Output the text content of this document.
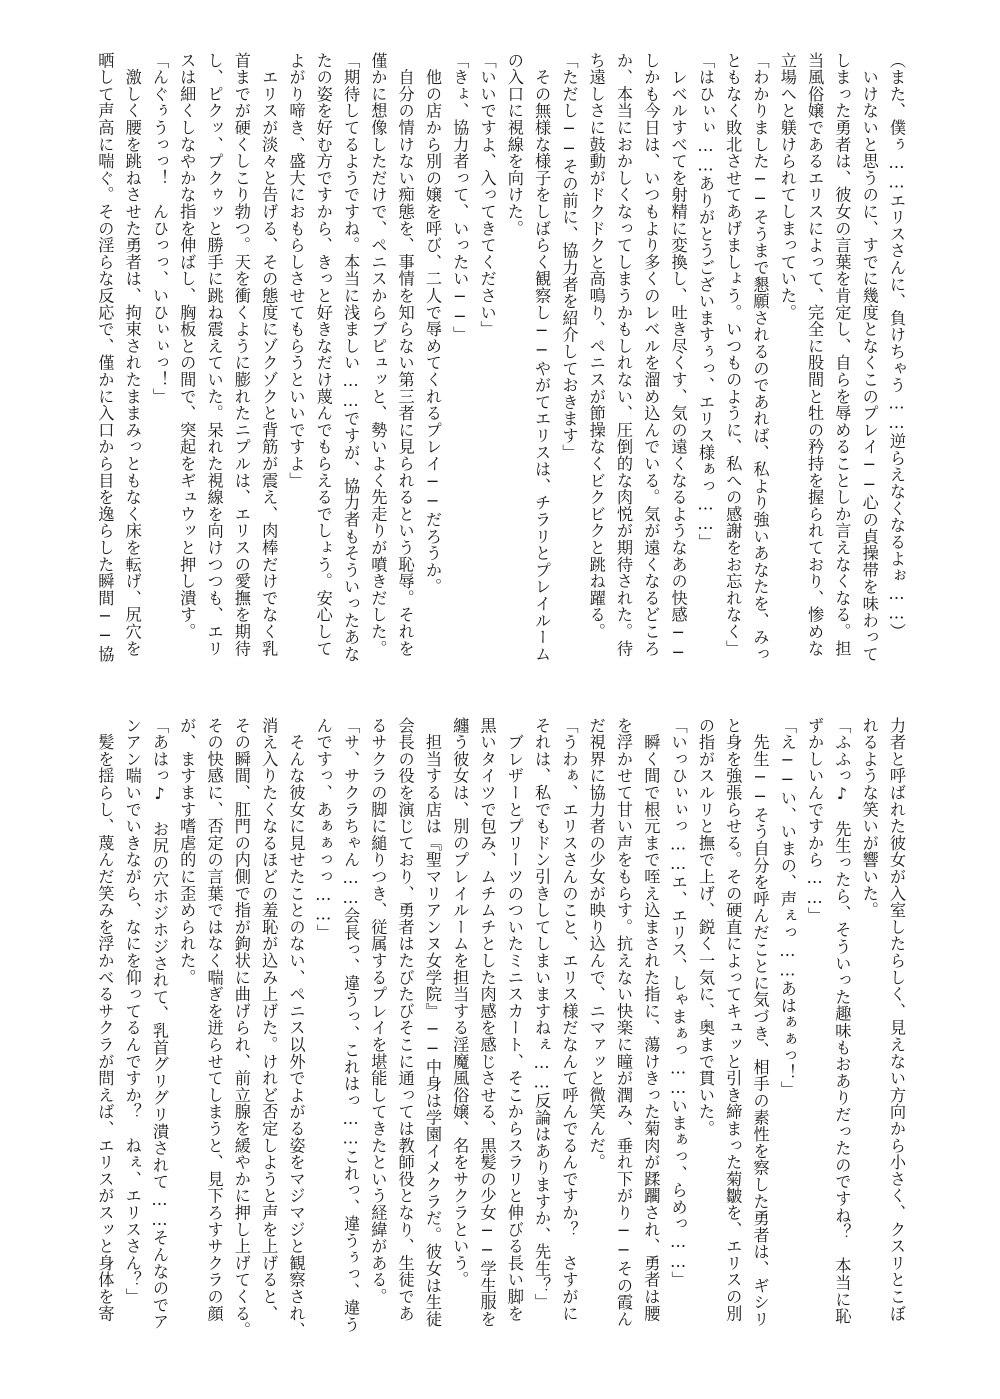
（また、僕ぅ……エリスさんに、負けちゃう……逆らえなくなるよぉ……）
　いけないと思うのに、すでに幾度となくこのプレイ──心の貞操帯を味わって
しまった勇者は、彼女の言葉を肯定し、自らを辱めることしか言えなくなる。担
当風俗嬢であるエリスによって、完全に股間と牡の矜持を握られており、惨めな
立場へと躾けられてしまっていた。
「わかりました──そうまで懇願されるのであれば、私より強いあなたを、みっ
ともなく敗北させてあげましょう。いつものように、私への感謝をお忘れなく」
「はひぃぃ……ありがとうございますぅっ、エリス様ぁっ……」
　レベルすべてを射精に変換し、吐き尽くす、気の遠くなるようなあの快感──
しかも今日は、いつもより多くのレベルを溜め込んでいる。気が遠くなるどころ
か、本当におかしくなってしまうかもしれない、圧倒的な肉悦が期待された。待
ち遠しさに鼓動がドクドクと高鳴り、ペニスが節操なくビクビクと跳ね躍る。
「ただし──その前に、協力者を紹介しておきます」
　その無様な様子をしばらく観察し──やがてエリスは、チラリとプレイルーム
の入口に視線を向けた。
「いいですよ、入ってきてください」
「きょ、協力者って、いったい──」
　他の店から別の嬢を呼び、二人で辱めてくれるプレイ──だろうか。
　自分の情けない痴態を、事情を知らない第三者に見られるという恥辱。それを
僅かに想像しただけで、ペニスからブピュッと、勢いよく先走りが噴きだした。
「期待してるようですね。本当に浅ましい……ですが、協力者もそういったあな
たの姿を好む方ですから、きっと好きなだけ蔑んでもらえるでしょう。安心して
よがり啼き、盛大におもらしさせてもらうといいですよ」
　エリスが淡々と告げる、その態度にゾクゾクと背筋が震え、肉棒だけでなく乳
首までが硬くしこり勃つ。天を衝くように膨れたニプルは、エリスの愛撫を期待
し、ピクッ、プクゥッと勝手に跳ね震えていた。呆れた視線を向けつつも、エリ
スは細くしなやかな指を伸ばし、胸板との間で、突起をギュウッと押し潰す。
「んぐぅうっっ！　んひっっ、いひぃぃっ！」
　激しく腰を跳ねさせた勇者は、拘束されたままみっともなく床を転げ、尻穴を
晒して声高に喘ぐ。その淫らな反応で、僅かに入口から目を逸らした瞬間──協
力者と呼ばれた彼女が入室したらしく、見えない方向から小さく、クスリとこぼ
れるような笑いが響いた。
「ふふっ♪　先生ったら、そういった趣味もおありだったのですね？　本当に恥
ずかしいんですから……」
「え──い、いまの、声ぇっ……あはぁぁっ！」
　先生──そう自分を呼んだことに気づき、相手の素性を察した勇者は、ギシリ
と身を強張らせる。その硬直によってキュッと引き締まった菊皺を、エリスの別
の指がスルリと撫で上げ、鋭く一気に、奥まで貫いた。
「いっひぃぃっ……エ、エリス、しゃまぁっ……いまぁっ、らめっ……」
　瞬く間で根元まで咥え込まされた指に、蕩けきった菊肉が蹂躙され、勇者は腰
を浮かせて甘い声をもらす。抗えない快楽に瞳が潤み、垂れ下がり──その霞ん
だ視界に協力者の少女が映り込んで、ニマァッと微笑んだ。
「うわぁ、エリスさんのこと、エリス様だなんて呼んでるんですか？　さすがに
それは、私でもドン引きしてしまいますねぇ……反論はありますか、先生？」
　ブレザーとプリーツのついたミニスカート、そこからスラリと伸びる長い脚を
黒いタイツで包み、ムチムチとした肉感を感じさせる、黒髪の少女──学生服を
纏う彼女は、別のプレイルームを担当する淫魔風俗嬢、名をサクラという。
　担当する店は『聖マリアンヌ女学院』──中身は学園イメクラだ。彼女は生徒
会長の役を演じており、勇者はたびたびそこに通っては教師役となり、生徒であ
るサクラの脚に縋りつき、従属するプレイを堪能してきたという経緯がある。
「サ、サクラちゃん……会長っ、違うっ、これはっ……これっ、違うぅっ、違う
んですっ、あぁぁっっ……」
　そんな彼女に見せたことのない、ペニス以外でよがる姿をマジマジと観察され、
消え入りたくなるほどの羞恥が込み上げた。けれど否定しようと声を上げると、
その瞬間、肛門の内側で指が鉤状に曲げられ、前立腺を緩やかに押し上げてくる。
その快感に、否定の言葉ではなく喘ぎを迸らせてしまうと、見下ろすサクラの顔
が、ますます嗜虐的に歪められた。
「あはっ♪　お尻の穴ホジホジされて、乳首グリグリ潰されて……そんなのでア
ンアン喘いでいきながら、なにを仰ってるんですか？　ねぇ、エリスさん？」
　髪を揺らし、蔑んだ笑みを浮かべるサクラが問えば、エリスがスッと身体を寄
